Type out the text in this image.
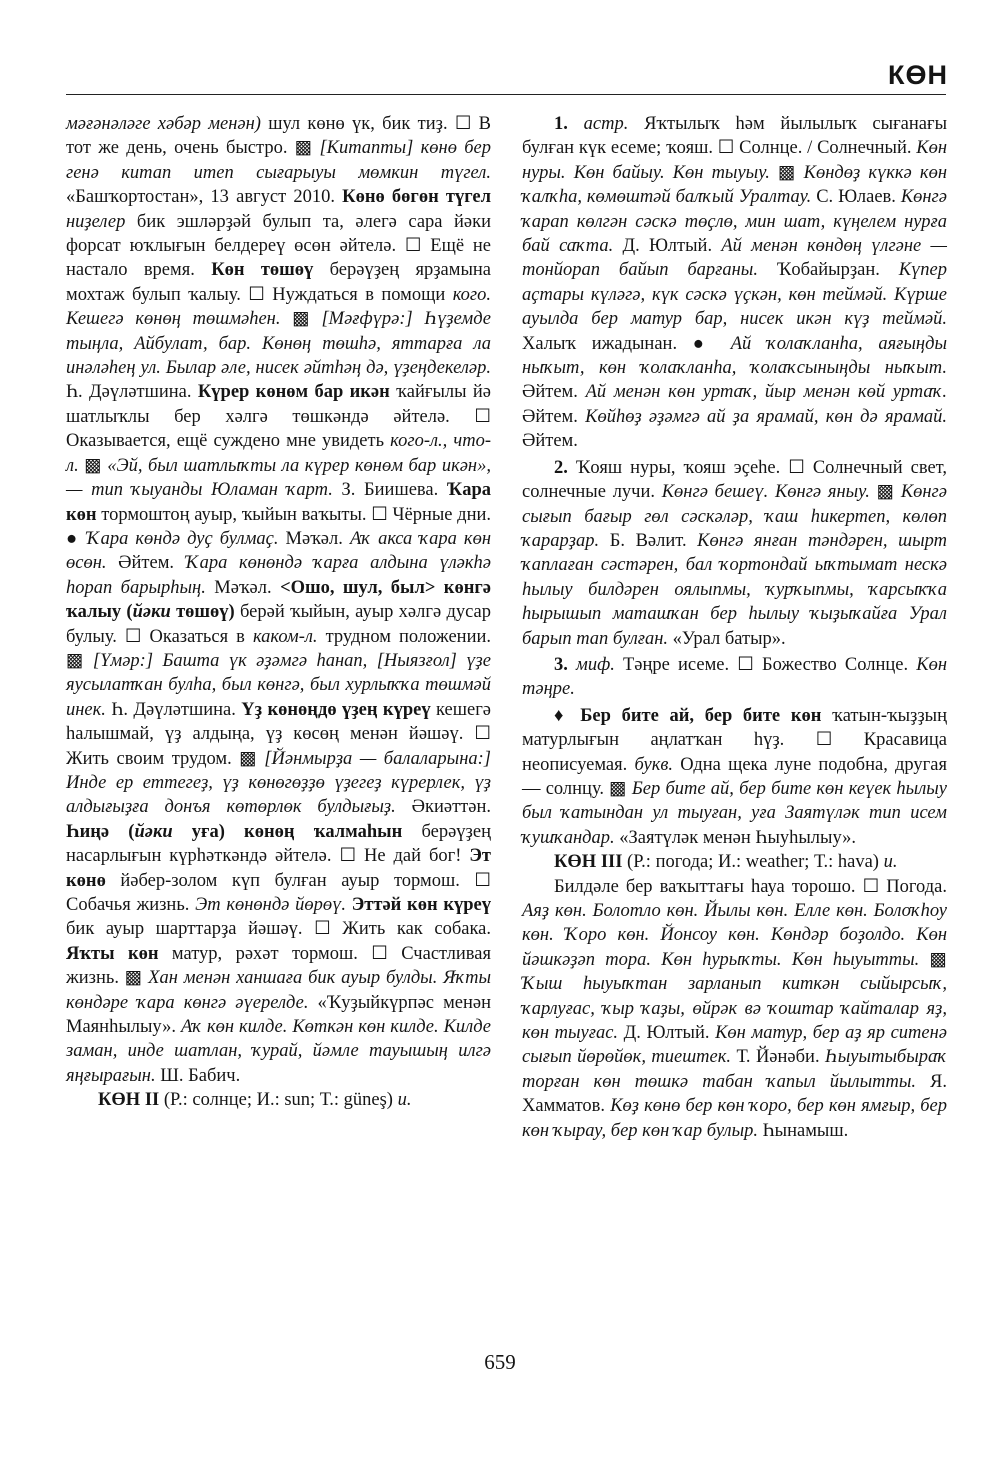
КӨН

мәғәнәләге хәбәр менән) шул көнө үк, бик тиҙ. ☐ В тот же день, очень быстро. ▩ [Китапты] көнө бер генә китап итеп сығарыуы мөмкин түгел. «Башҡортостан», 13 август 2010. Көнө бөгөн түгел ниҙелер бик эшләрҙәй булып та, әлегә сара йәки форсат юҡлығын белдереү өсөн әйтелә. ☐ Ещё не настало время. Көн төшөү берәүҙең ярҙамына мохтаж булып ҡалыу. ☐ Нуждаться в помощи кого. Кешегә көнөң төшмәһен. ▩ [Мәғфүрә:] Һүҙемде тыңла, Айбулат, бар. Көнөң төшһә, яттарға ла инәләһең ул. Былар әле, нисек әйтһәң дә, үҙеңдекеләр. Һ. Дәүләтшина. Күрер көнөм бар икән ҡайғылы йә шатлыҡлы бер хәлгә төшкәндә әйтелә. ☐ Оказывается, ещё суждено мне увидеть кого-л., что-л. ▩ «Эй, был шатлыҡты ла күрер көнөм бар икән», — тип ҡыуанды Юламан ҡарт. З. Биишева. Ҡара көн тормоштоң ауыр, ҡыйын ваҡыты. ☐ Чёрные дни. ● Ҡара көндә дуҫ булмаҫ. Мәҡәл. Аҡ акса ҡара көн өсөн. Әйтем. Ҡара көнөндә ҡарға алдына үләкһә һорап барырһың. Мәҡәл. <Ошо, шул, был> көнгә ҡалыу (йәки төшөү) берәй ҡыйын, ауыр хәлгә дусар булыу. ☐ Оказаться в каком-л. трудном положении. ▩ [Үмәр:] Башта үк әҙәмгә һанап, [Ныязғол] үҙе яусылатҡан булһа, был көнгә, был хурлыҡҡа төшмәй инек. Һ. Дәүләтшина. Үҙ көнөңдө үҙең күреү кешегә һалышмай, үҙ алдыңа, үҙ көсөң менән йәшәү. ☐ Жить своим трудом. ▩ [Йәнмырҙа — балаларына:] Инде ер еттегеҙ, үҙ көнөгөҙҙө үҙегеҙ күрерлек, үҙ алдығыҙға донъя көтөрлөк булдығыҙ. Әкиәттән. Һиңә (йәки уға) көнөң ҡалмаһын берәүҙең насарлығын күрһәткәндә әйтелә. ☐ Не дай бог! Эт көнө йәбер-золом күп булған ауыр тормош. ☐ Собачья жизнь. Эт көнөндә йөрөү. Эттәй көн күреү бик ауыр шарттарҙа йәшәү. ☐ Жить как собака. Яҡты көн матур, рәхәт тормош. ☐ Счастливая жизнь. ▩ Хан менән ханшаға бик ауыр булды. Яҡты көндәре ҡара көнгә әүерелде. «Ҡуҙыйкүрпәс менән Маянһылыу». Аҡ көн килде. Көткән көн килде. Килде заман, инде шатлан, ҡурай, йәмле тауышың илгә яңғырағын. Ш. Бабич.

КӨН II (Р.: солнце; И.: sun; Т.: güneş) и.

1. астр. Яҡтылыҡ һәм йылылыҡ сығанағы булған күк есеме; ҡояш. ☐ Солнце. / Солнечный. Көн нуры. Көн байыу. Көн тыуыу. ▩ Көндөҙ күккә көн ҡалҡһа, көмөштәй балҡый Уралтау. С. Юлаев. Көнгә ҡарап көлгән сәскә төҫлө, мин шат, күңелем нурға бай саҡта. Д. Юлтый. Ай менән көндөң үлгәне — тонйорап байып барғаны. Ҡобайырҙан. Күпер аҫтары күләгә, күк сәскә үҫкән, көн теймәй. Күрше ауылда бер матур бар, нисек икән күҙ теймәй. Халыҡ ижадынан. ● Ай ҡолаҡланһа, аяғыңды ныҡыт, көн ҡолаҡланһа, ҡолаҡсыныңды ныҡыт. Әйтем. Ай менән көн уртаҡ, йыр менән көй уртаҡ. Әйтем. Көйһөҙ әҙәмгә ай ҙа ярамай, көн дә ярамай. Әйтем.

2. Ҡояш нуры, ҡояш эҫеһе. ☐ Солнечный свет, солнечные лучи. Көнгә бешеү. Көнгә яныу. ▩ Көнгә сығып бағыр гөл сәскәләр, ҡаш һикертеп, көлөп ҡарарҙар. Б. Вәлит. Көнгә янған тәндәрен, шырт ҡаплаған сәстәрен, бал ҡортондай ыҡтымат нескә һылыу билдәрен оялыпмы, ҡурҡыпмы, ҡарсыҡҡа һырышып маташҡан бер һылыу ҡыҙыҡайға Урал барып тап булған. «Урал батыр».

3. миф. Тәңре исеме. ☐ Божество Солнце. Көн тәңре.

♦ Бер бите ай, бер бите көн ҡатын-ҡыҙҙың матурлығын аңлатҡан һүҙ. ☐ Красавица неописуемая. букв. Одна щека луне подобна, другая — солнцу. ▩ Бер бите ай, бер бите көн кеүек һылыу был ҡатындан ул тыуған, уға Заятүләк тип исем ҡушҡандар. «Заятүләк менән Һыуһылыу».

КӨН III (Р.: погода; И.: weather; Т.: hava) и.

Билдәле бер ваҡыттағы һауа торошо. ☐ Погода. Аяҙ көн. Болотло көн. Йылы көн. Елле көн. Болоҡһоу көн. Ҡоро көн. Йонсоу көн. Көндәр боҙолдо. Көн йәшкәҙәп тора. Көн һурыҡты. Көн һыуытты. ▩ Ҡыш һыуыҡтан зарланып киткән сыйырсыҡ, ҡарлуғас, ҡыр ҡаҙы, өйрәк вә ҡоштар ҡайталар яҙ, көн тыуғас. Д. Юлтый. Көн матур, бер аҙ яр ситенә сығып йөрөйөк, тиештек. Т. Йәнәби. Һыуытыбыраҡ торған көн төшкә табан ҡапыл йылытты. Я. Хамматов. Көҙ көнө бер көн ҡоро, бер көн ямғыр, бер көн ҡырау, бер көн ҡар булыр. Һынамыш.

659
